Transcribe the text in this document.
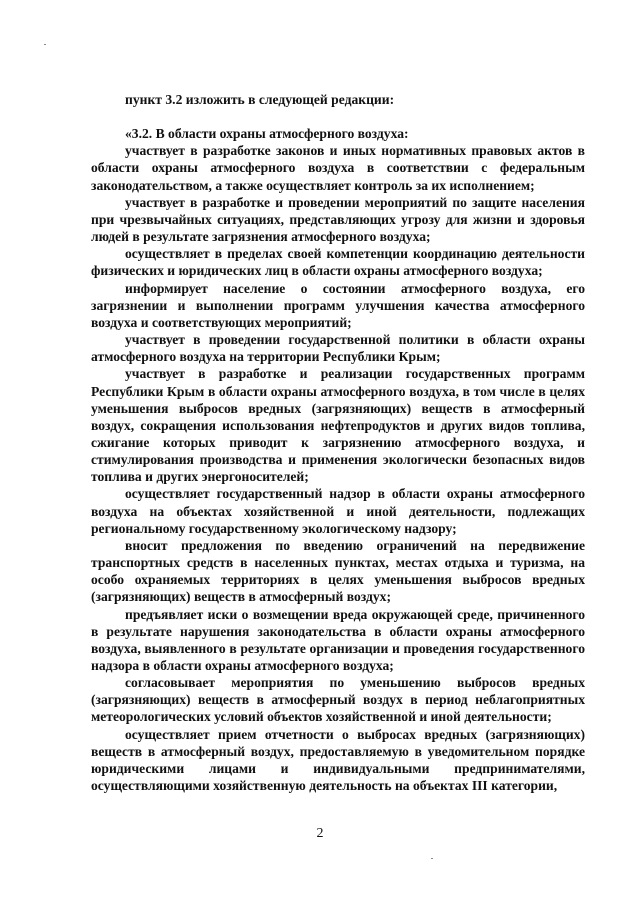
пункт 3.2 изложить в следующей редакции:

«3.2. В области охраны атмосферного воздуха:

участвует в разработке законов и иных нормативных правовых актов в области охраны атмосферного воздуха в соответствии с федеральным законодательством, а также осуществляет контроль за их исполнением;

участвует в разработке и проведении мероприятий по защите населения при чрезвычайных ситуациях, представляющих угрозу для жизни и здоровья людей в результате загрязнения атмосферного воздуха;

осуществляет в пределах своей компетенции координацию деятельности физических и юридических лиц в области охраны атмосферного воздуха;

информирует население о состоянии атмосферного воздуха, его загрязнении и выполнении программ улучшения качества атмосферного воздуха и соответствующих мероприятий;

участвует в проведении государственной политики в области охраны атмосферного воздуха на территории Республики Крым;

участвует в разработке и реализации государственных программ Республики Крым в области охраны атмосферного воздуха, в том числе в целях уменьшения выбросов вредных (загрязняющих) веществ в атмосферный воздух, сокращения использования нефтепродуктов и других видов топлива, сжигание которых приводит к загрязнению атмосферного воздуха, и стимулирования производства и применения экологически безопасных видов топлива и других энергоносителей;

осуществляет государственный надзор в области охраны атмосферного воздуха на объектах хозяйственной и иной деятельности, подлежащих региональному государственному экологическому надзору;

вносит предложения по введению ограничений на передвижение транспортных средств в населенных пунктах, местах отдыха и туризма, на особо охраняемых территориях в целях уменьшения выбросов вредных (загрязняющих) веществ в атмосферный воздух;

предъявляет иски о возмещении вреда окружающей среде, причиненного в результате нарушения законодательства в области охраны атмосферного воздуха, выявленного в результате организации и проведения государственного надзора в области охраны атмосферного воздуха;

согласовывает мероприятия по уменьшению выбросов вредных (загрязняющих) веществ в атмосферный воздух в период неблагоприятных метеорологических условий объектов хозяйственной и иной деятельности;

осуществляет прием отчетности о выбросах вредных (загрязняющих) веществ в атмосферный воздух, предоставляемую в уведомительном порядке юридическими лицами и индивидуальными предпринимателями, осуществляющими хозяйственную деятельность на объектах III категории,

2
